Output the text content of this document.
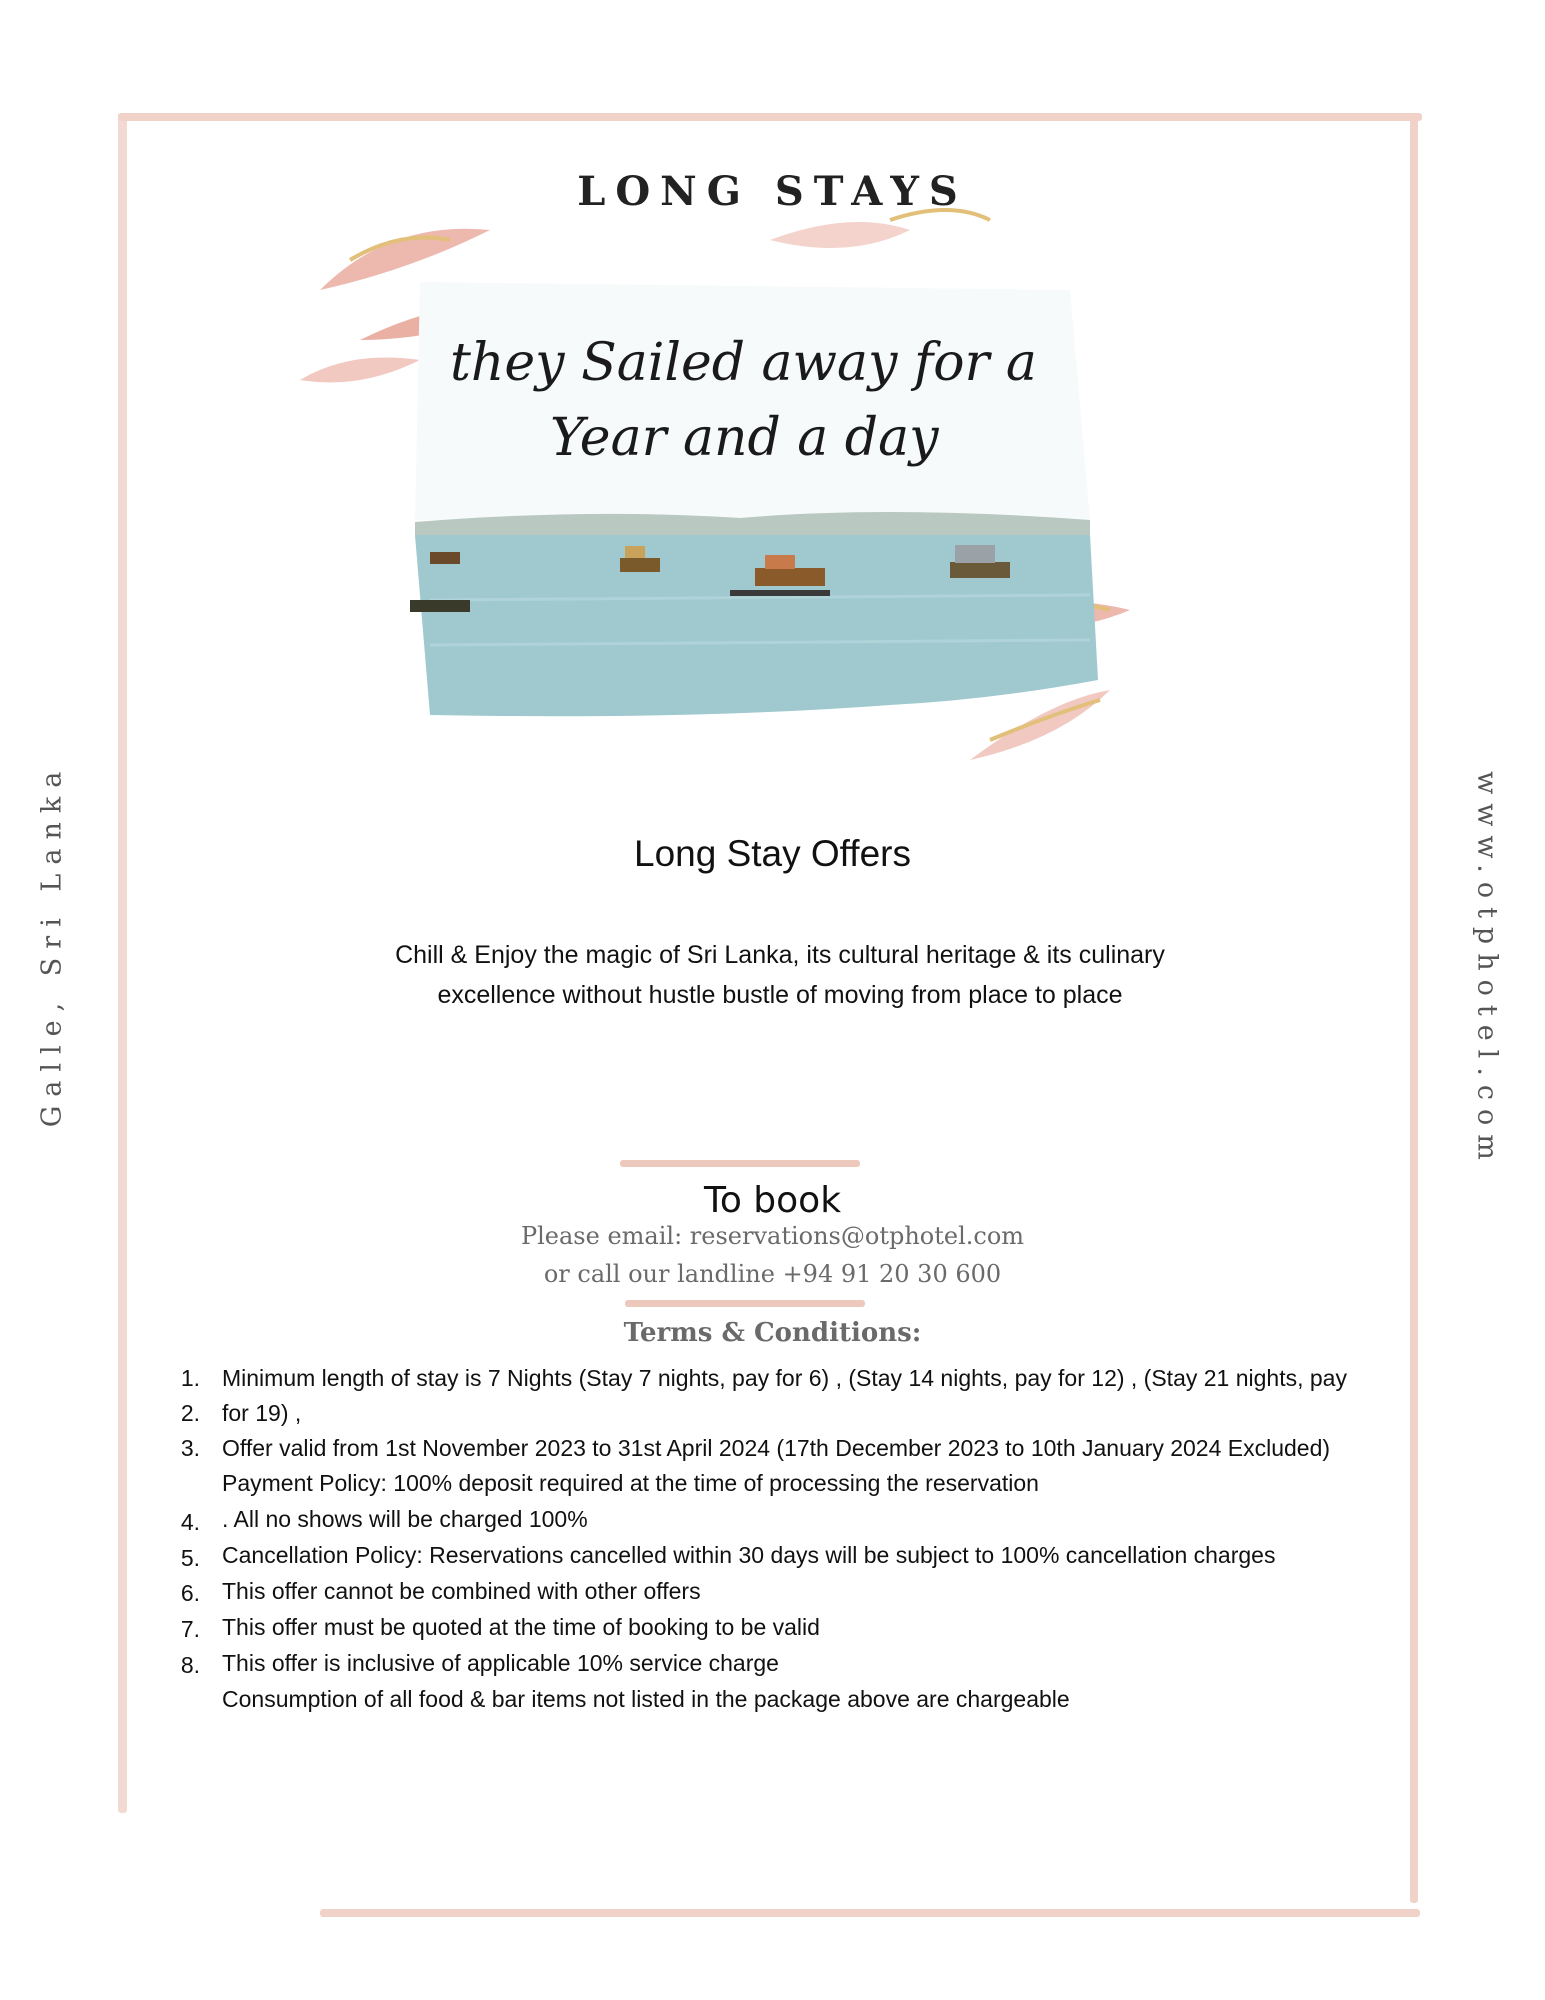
Galle, Sri Lanka	www.otphotel.com
LONG STAYS
they Sailed away for a
Year and a day
Long Stay Offers
Chill & Enjoy the magic of Sri Lanka, its cultural heritage & its culinary
excellence without hustle bustle of moving from place to place
To book
Please email: reservations@otphotel.com
or call our landline +94 91 20 30 600
Terms & Conditions:
1.
2.
3.
4.
5.
6.
7.
8.
Minimum length of stay is 7 Nights (Stay 7 nights, pay for 6) , (Stay 14 nights, pay for 12) , (Stay 21 nights, pay
for 19) ,
Offer valid from 1st November 2023 to 31st April 2024 (17th December 2023 to 10th January 2024 Excluded)
Payment Policy: 100% deposit required at the time of processing the reservation
. All no shows will be charged 100%
Cancellation Policy: Reservations cancelled within 30 days will be subject to 100% cancellation charges
This offer cannot be combined with other offers
This offer must be quoted at the time of booking to be valid
This offer is inclusive of applicable 10% service charge
Consumption of all food & bar items not listed in the package above are chargeable
